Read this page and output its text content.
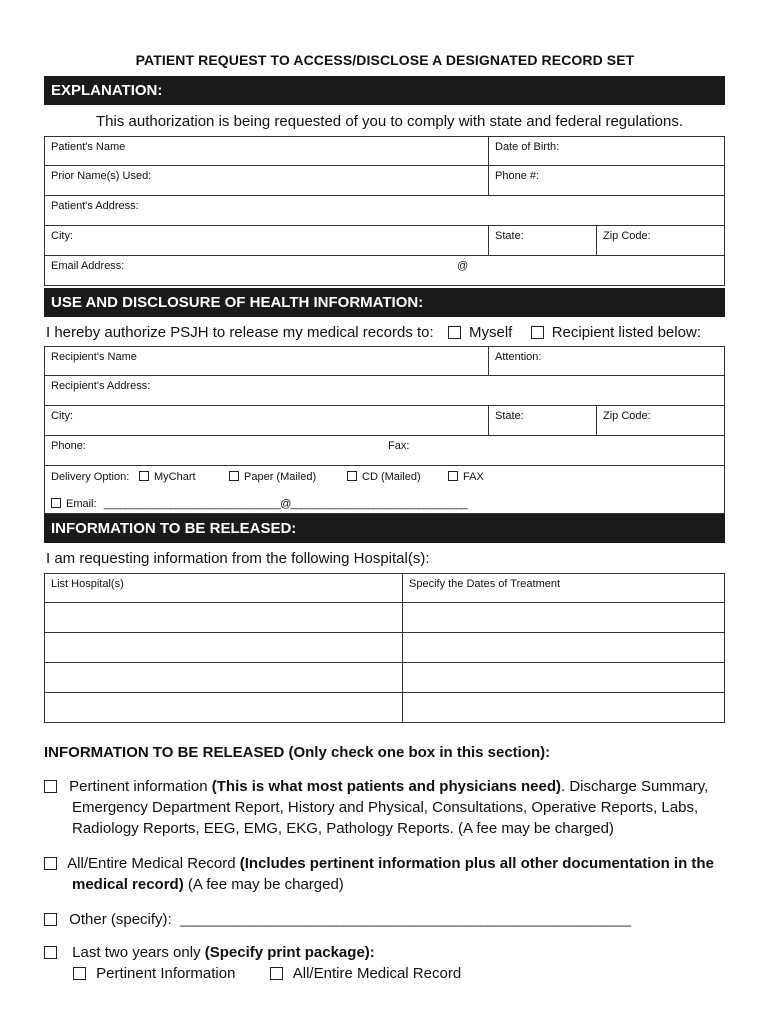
PATIENT REQUEST TO ACCESS/DISCLOSE A DESIGNATED RECORD SET
EXPLANATION:
This authorization is being requested of you to comply with state and federal regulations.
Patient's Name	Date of Birth:
Prior Name(s) Used:	Phone #:
Patient's Address:
City:	State:	Zip Code:
Email Address:	@
USE AND DISCLOSURE OF HEALTH INFORMATION:
I hereby authorize PSJH to release my medical records to: Myself	Recipient listed below:
Recipient's Name	Attention:
Recipient's Address:
City:	State:	Zip Code:
Phone:	Fax:
Delivery Option:	MyChart	Paper (Mailed)	CD (Mailed)	FAX
Email: ________________________________@________________________________
INFORMATION TO BE RELEASED:
I am requesting information from the following Hospital(s):
List Hospital(s)	Specify the Dates of Treatment
INFORMATION TO BE RELEASED (Only check one box in this section):
Pertinent information (This is what most patients and physicians need). Discharge Summary,
Emergency Department Report, History and Physical, Consultations, Operative Reports, Labs,
Radiology Reports, EEG, EMG, EKG, Pathology Reports. (A fee may be charged)
All/Entire Medical Record (Includes pertinent information plus all other documentation in the
medical record) (A fee may be charged)
Other (specify): _____________________________________________________________________
Last two years only (Specify print package):
Pertinent Information	All/Entire Medical Record
